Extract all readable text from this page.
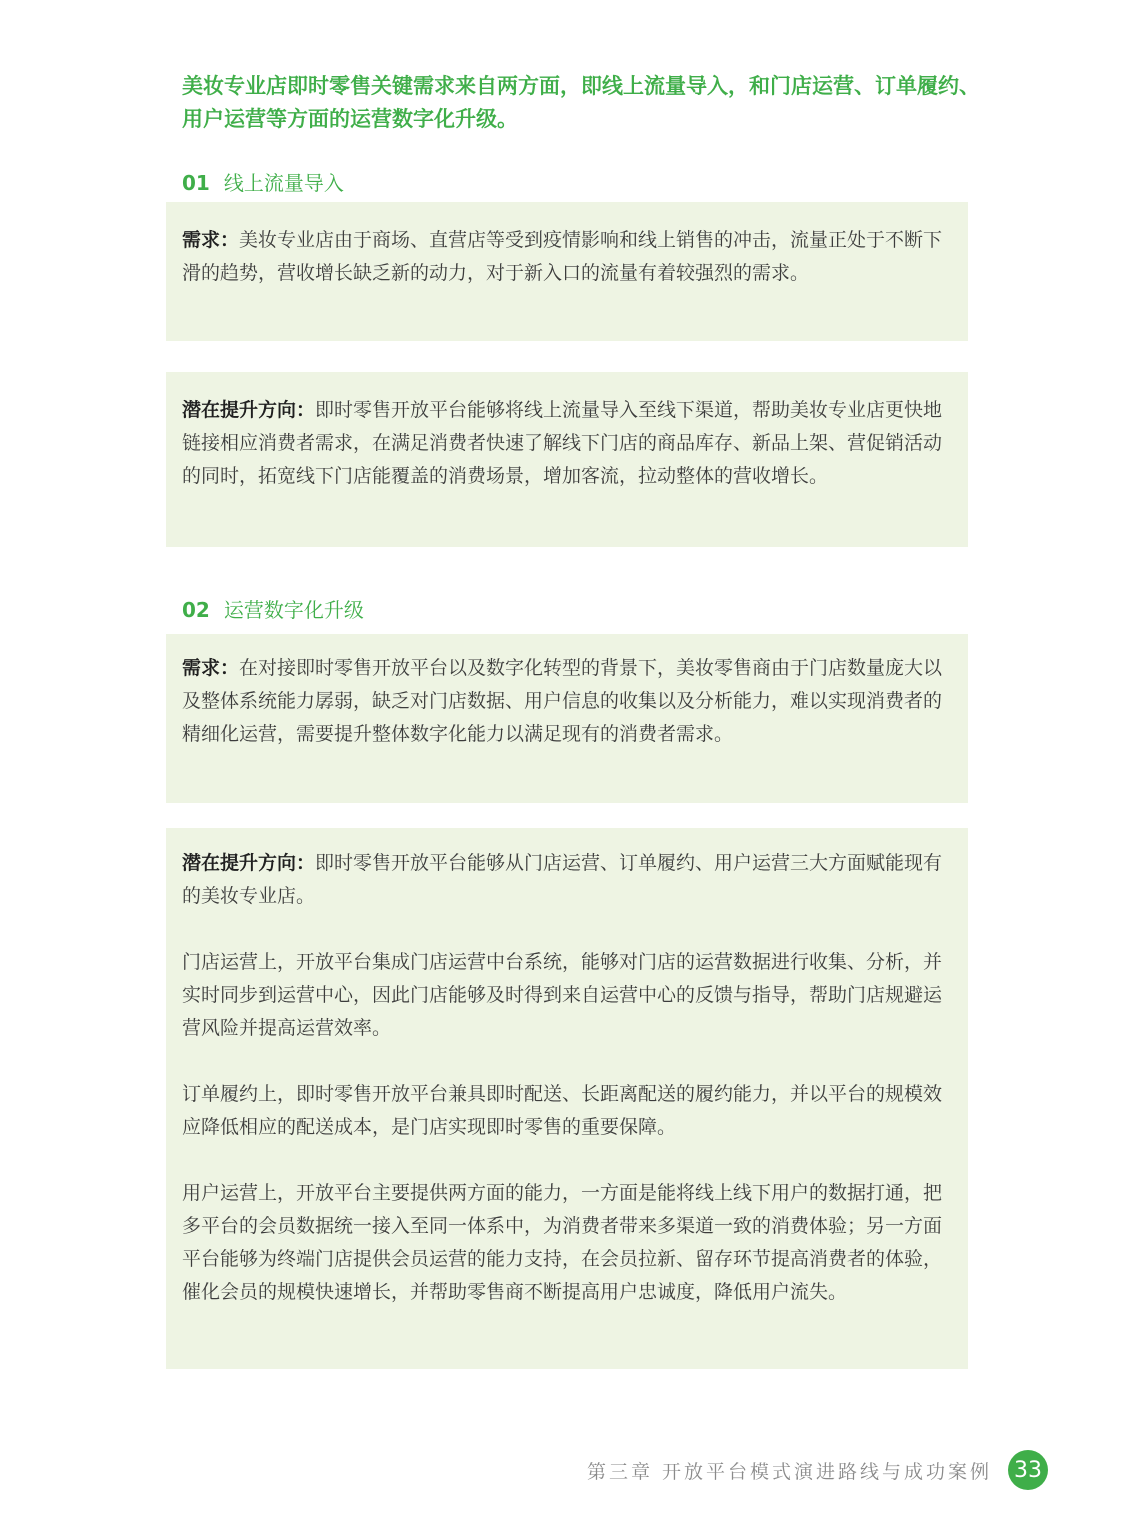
美妆专业店即时零售关键需求来自两方面，即线上流量导入，和门店运营、订单履约、用户运营等方面的运营数字化升级。

01 线上流量导入

需求：美妆专业店由于商场、直营店等受到疫情影响和线上销售的冲击，流量正处于不断下滑的趋势，营收增长缺乏新的动力，对于新入口的流量有着较强烈的需求。

潜在提升方向：即时零售开放平台能够将线上流量导入至线下渠道，帮助美妆专业店更快地链接相应消费者需求，在满足消费者快速了解线下门店的商品库存、新品上架、营促销活动的同时，拓宽线下门店能覆盖的消费场景，增加客流，拉动整体的营收增长。

02 运营数字化升级

需求：在对接即时零售开放平台以及数字化转型的背景下，美妆零售商由于门店数量庞大以及整体系统能力孱弱，缺乏对门店数据、用户信息的收集以及分析能力，难以实现消费者的精细化运营，需要提升整体数字化能力以满足现有的消费者需求。

潜在提升方向：即时零售开放平台能够从门店运营、订单履约、用户运营三大方面赋能现有的美妆专业店。

门店运营上，开放平台集成门店运营中台系统，能够对门店的运营数据进行收集、分析，并实时同步到运营中心，因此门店能够及时得到来自运营中心的反馈与指导，帮助门店规避运营风险并提高运营效率。

订单履约上，即时零售开放平台兼具即时配送、长距离配送的履约能力，并以平台的规模效应降低相应的配送成本，是门店实现即时零售的重要保障。

用户运营上，开放平台主要提供两方面的能力，一方面是能将线上线下用户的数据打通，把多平台的会员数据统一接入至同一体系中，为消费者带来多渠道一致的消费体验；另一方面平台能够为终端门店提供会员运营的能力支持，在会员拉新、留存环节提高消费者的体验，催化会员的规模快速增长，并帮助零售商不断提高用户忠诚度，降低用户流失。

第三章 开放平台模式演进路线与成功案例 33
